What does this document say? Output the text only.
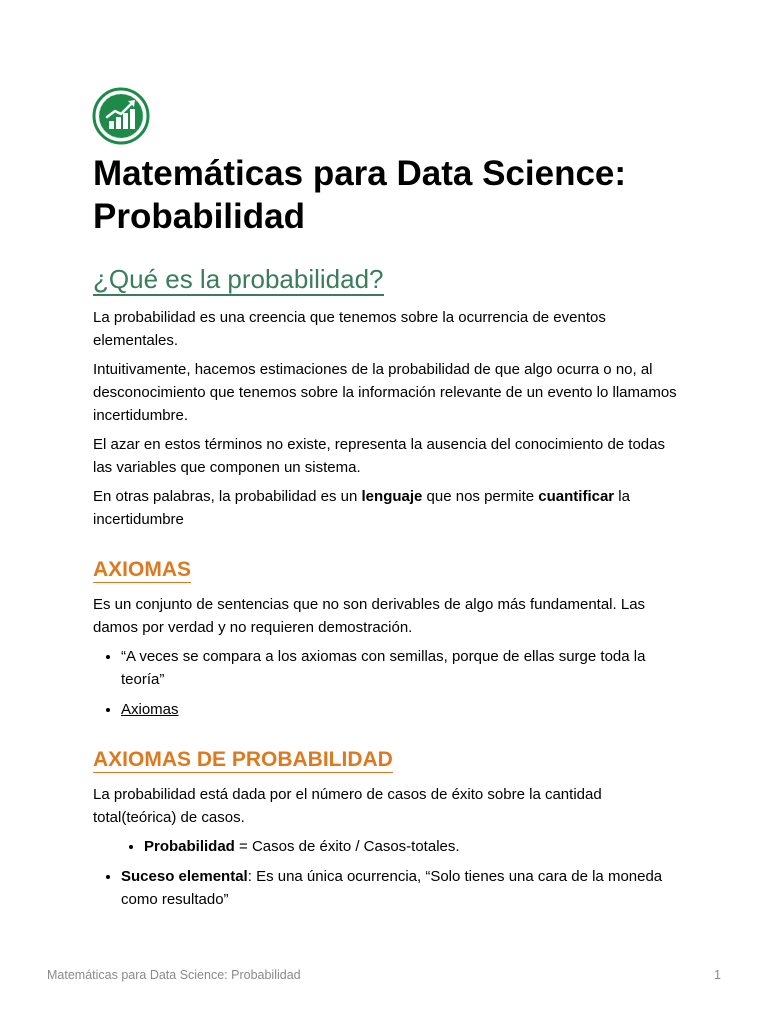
Matemáticas para Data Science: Probabilidad
¿Qué es la probabilidad?

La probabilidad es una creencia que tenemos sobre la ocurrencia de eventos elementales.

Intuitivamente, hacemos estimaciones de la probabilidad de que algo ocurra o no, al desconocimiento que tenemos sobre la información relevante de un evento lo llamamos incertidumbre.

El azar en estos términos no existe, representa la ausencia del conocimiento de todas las variables que componen un sistema.

En otras palabras, la probabilidad es un lenguaje que nos permite cuantificar la incertidumbre

AXIOMAS

Es un conjunto de sentencias que no son derivables de algo más fundamental. Las damos por verdad y no requieren demostración.

• “A veces se compara a los axiomas con semillas, porque de ellas surge toda la teoría”
• Axiomas
AXIOMAS DE PROBABILIDAD

La probabilidad está dada por el número de casos de éxito sobre la cantidad total(teórica) de casos.

• Probabilidad = Casos de éxito / Casos-totales.
• Suceso elemental: Es una única ocurrencia, “Solo tienes una cara de la moneda como resultado”
Matemáticas para Data Science: Probabilidad	1
